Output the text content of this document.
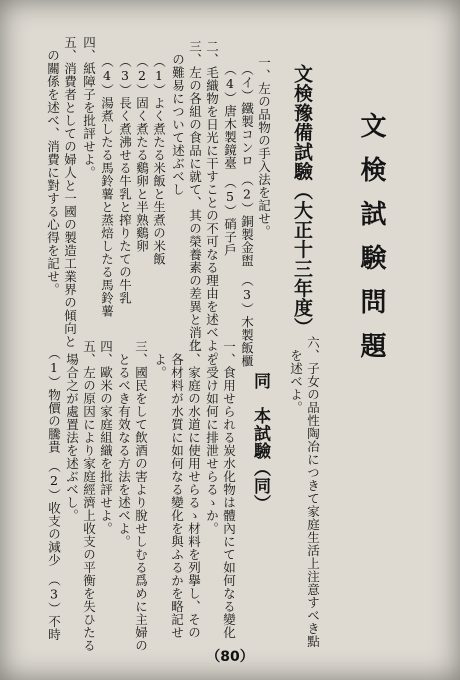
文検試験問題
文検豫備試驗（大正十三年度）
一、左の品物の手入法を記せ。
　（イ）鐵製コンロ　（2）銅製金盥　（3）木製飯櫃
　（4）唐木製鏡臺　（5）硝子戶
二、毛織物を日光に干すことの不可なる理由を述べよ。
三、左の各組の食品に就て、其の榮養素の差異と消化
　の難易について述ぶべし
　（1）よく煮たる米飯と生煮の米飯
　（2）固く煮たる鷄卵と半熟鷄卵
　（3）長く煮沸せる牛乳と搾りたての牛乳
　（4）湯煮したる馬鈴薯と蒸焙したる馬鈴薯
四、紙障子を批評せよ。
五、消費者としての婦人と一國の製造工業界の傾向と
　の關係を述べ、消費に對する心得を記せ。
六、子女の品性陶冶につきて家庭生活上注意すべき點
　を述べよ。
同　本試驗（同）
一、食用せられる炭水化物は體內にて如何なる變化
　を受け如何に排泄せらるゝか。
二、家庭の水道に使用せらるゝ材料を列擧し、その
　各材料が水質に如何なる變化を與ふるかを略記せ
　よ。
三、國民をして飲酒の害より脫せしむる爲めに主婦の
　とるべき有效なる方法を述べよ。
四、歐米の家庭組織を批評せよ。
五、左の原因により家庭經濟上收支の平衡を失ひたる
　場合之が處置法を述ぶべし。
　（1）物價の騰貴　（2）收支の減少　（3）不時
（80）
